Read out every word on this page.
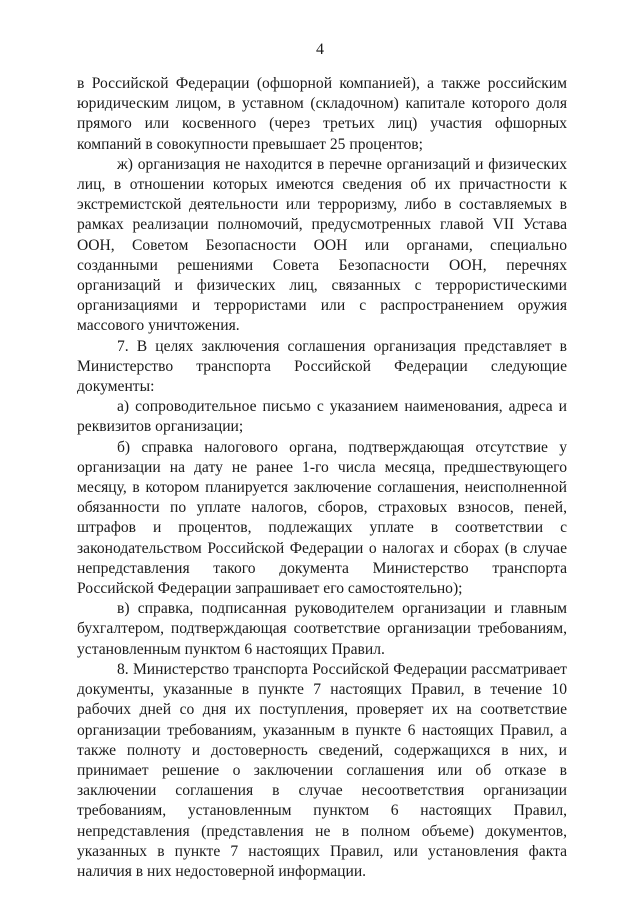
4

в Российской Федерации (офшорной компанией), а также российским юридическим лицом, в уставном (складочном) капитале которого доля прямого или косвенного (через третьих лиц) участия офшорных компаний в совокупности превышает 25 процентов;

ж) организация не находится в перечне организаций и физических лиц, в отношении которых имеются сведения об их причастности к экстремистской деятельности или терроризму, либо в составляемых в рамках реализации полномочий, предусмотренных главой VII Устава ООН, Советом Безопасности ООН или органами, специально созданными решениями Совета Безопасности ООН, перечнях организаций и физических лиц, связанных с террористическими организациями и террористами или с распространением оружия массового уничтожения.

7. В целях заключения соглашения организация представляет в Министерство транспорта Российской Федерации следующие документы:

а) сопроводительное письмо с указанием наименования, адреса и реквизитов организации;

б) справка налогового органа, подтверждающая отсутствие у организации на дату не ранее 1-го числа месяца, предшествующего месяцу, в котором планируется заключение соглашения, неисполненной обязанности по уплате налогов, сборов, страховых взносов, пеней, штрафов и процентов, подлежащих уплате в соответствии с законодательством Российской Федерации о налогах и сборах (в случае непредставления такого документа Министерство транспорта Российской Федерации запрашивает его самостоятельно);

в) справка, подписанная руководителем организации и главным бухгалтером, подтверждающая соответствие организации требованиям, установленным пунктом 6 настоящих Правил.

8. Министерство транспорта Российской Федерации рассматривает документы, указанные в пункте 7 настоящих Правил, в течение 10 рабочих дней со дня их поступления, проверяет их на соответствие организации требованиям, указанным в пункте 6 настоящих Правил, а также полноту и достоверность сведений, содержащихся в них, и принимает решение о заключении соглашения или об отказе в заключении соглашения в случае несоответствия организации требованиям, установленным пунктом 6 настоящих Правил, непредставления (представления не в полном объеме) документов, указанных в пункте 7 настоящих Правил, или установления факта наличия в них недостоверной информации.
